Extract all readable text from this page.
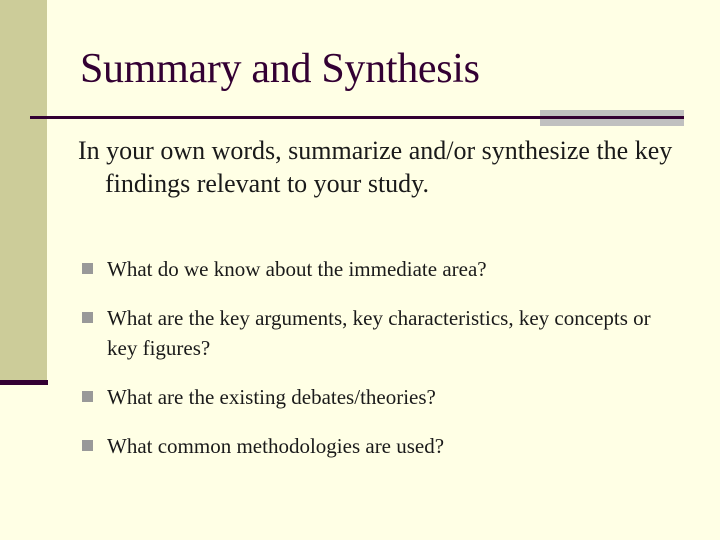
Summary and Synthesis
In your own words, summarize and/or synthesize the key findings relevant to your study.
What do we know about the immediate area?
What are the key arguments, key characteristics, key concepts or key figures?
What are the existing debates/theories?
What common methodologies are used?
